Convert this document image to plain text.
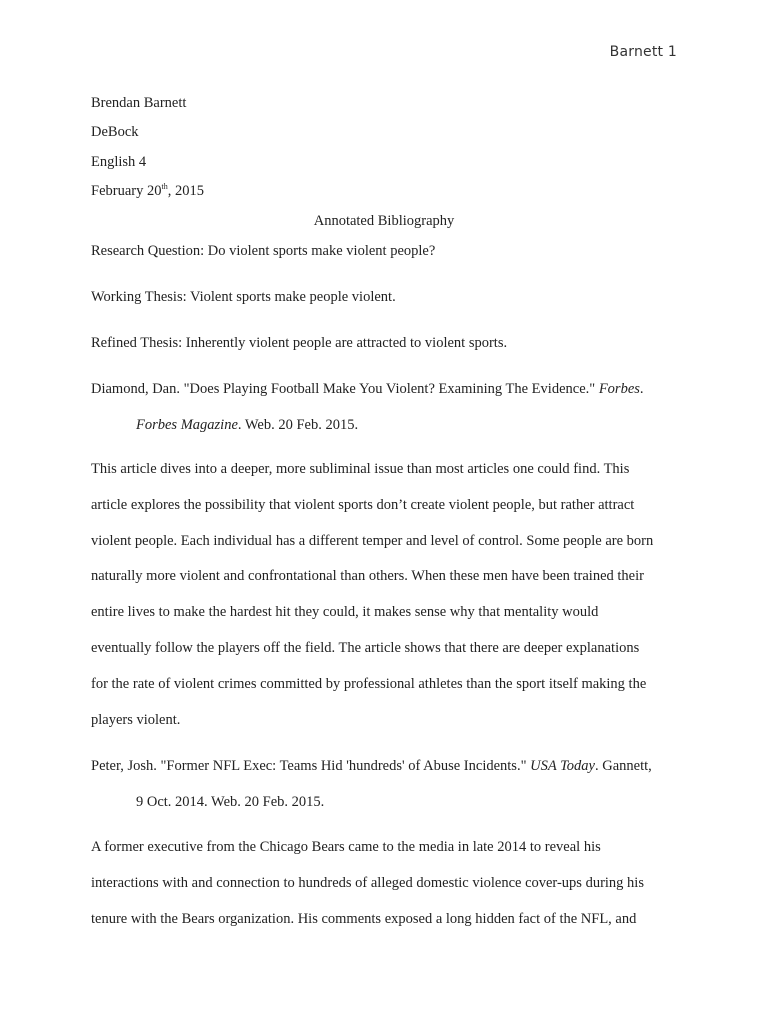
Barnett 1
Brendan Barnett
DeBock
English 4
February 20th, 2015
Annotated Bibliography
Research Question: Do violent sports make violent people?
Working Thesis: Violent sports make people violent.
Refined Thesis: Inherently violent people are attracted to violent sports.
Diamond, Dan. "Does Playing Football Make You Violent? Examining The Evidence." Forbes.
Forbes Magazine. Web. 20 Feb. 2015.
This article dives into a deeper, more subliminal issue than most articles one could find. This
article explores the possibility that violent sports don’t create violent people, but rather attract
violent people. Each individual has a different temper and level of control. Some people are born
naturally more violent and confrontational than others. When these men have been trained their
entire lives to make the hardest hit they could, it makes sense why that mentality would
eventually follow the players off the field. The article shows that there are deeper explanations
for the rate of violent crimes committed by professional athletes than the sport itself making the
players violent.
Peter, Josh. "Former NFL Exec: Teams Hid 'hundreds' of Abuse Incidents." USA Today. Gannett,
9 Oct. 2014. Web. 20 Feb. 2015.
A former executive from the Chicago Bears came to the media in late 2014 to reveal his
interactions with and connection to hundreds of alleged domestic violence cover-ups during his
tenure with the Bears organization. His comments exposed a long hidden fact of the NFL, and
